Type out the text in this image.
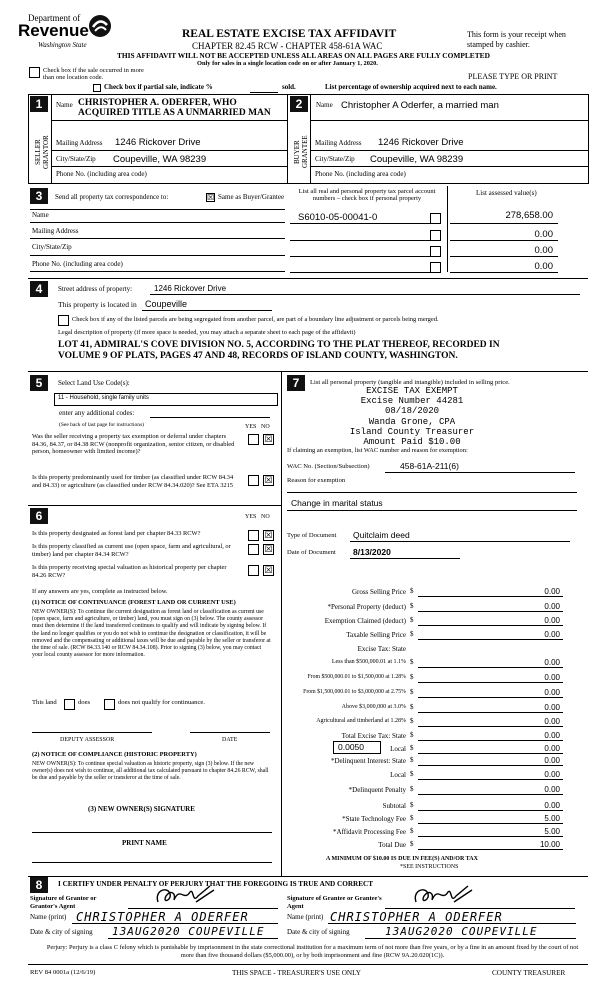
Department of
Revenue
Washington State
REAL ESTATE EXCISE TAX AFFIDAVIT
CHAPTER 82.45 RCW - CHAPTER 458-61A WAC
THIS AFFIDAVIT WILL NOT BE ACCEPTED UNLESS ALL AREAS ON ALL PAGES ARE FULLY COMPLETED
Only for sales in a single location code on or after January 1, 2020.
This form is your receipt when stamped by cashier.
PLEASE TYPE OR PRINT
Check box if the sale occurred in more than one location code.
Check box if partial sale, indicate %	sold.	List percentage of ownership acquired next to each name.
1
SELLER GRANTOR
Name CHRISTOPHER A. ODERFER, WHO ACQUIRED TITLE AS A UNMARRIED MAN
Mailing Address 1246 Rickover Drive
City/State/Zip Coupeville, WA 98239
Phone No. (including area code)
2
BUYER GRANTEE
Name Christopher A Oderfer, a married man
Mailing Address 1246 Rickover Drive
City/State/Zip Coupeville, WA 98239
Phone No. (including area code)
3	Send all property tax correspondence to:	☒ Same as Buyer/Grantee
Name
Mailing Address
City/State/Zip
Phone No. (including area code)
List all real and personal property tax parcel account numbers – check box if personal property
List assessed value(s)
S6010-05-00041-0	278,658.00
0.00
0.00
0.00
4	Street address of property:	1246 Rickover Drive
This property is located in Coupeville
Check box if any of the listed parcels are being segregated from another parcel, are part of a boundary line adjustment or parcels being merged.
Legal description of property (if more space is needed, you may attach a separate sheet to each page of the affidavit)
LOT 41, ADMIRAL'S COVE DIVISION NO. 5, ACCORDING TO THE PLAT THEREOF, RECORDED IN VOLUME 9 OF PLATS, PAGES 47 AND 48, RECORDS OF ISLAND COUNTY, WASHINGTON.
5	Select Land Use Code(s):
11 - Household, single family units
enter any additional codes:
(See back of last page for instructions)	YES NO
Was the seller receiving a property tax exemption or deferral under chapters 84.36, 84.37, or 84.38 RCW (nonprofit organization, senior citizen, or disabled person, homeowner with limited income)?
☒
Is this property predominantly used for timber (as classified under RCW 84.34 and 84.33) or agriculture (as classified under RCW 84.34.020)? See ETA 3215	☒
6	YES NO
Is this property designated as forest land per chapter 84.33 RCW?	☒
Is this property classified as current use (open space, farm and agricultural, or timber) land per chapter 84.34 RCW?	☒
Is this property receiving special valuation as historical property per chapter 84.26 RCW?	☒
If any answers are yes, complete as instructed below.
(1) NOTICE OF CONTINUANCE (FOREST LAND OR CURRENT USE)
NEW OWNER(S): To continue the current designation as forest land or classification as current use (open space, farm and agriculture, or timber) land, you must sign on (3) below. The county assessor must then determine if the land transferred continues to qualify and will indicate by signing below. If the land no longer qualifies or you do not wish to continue the designation or classification, it will be removed and the compensating or additional taxes will be due and payable by the seller or transferor at the time of sale. (RCW 84.33.140 or RCW 84.34.108). Prior to signing (3) below, you may contact your local county assessor for more information.
This land	does	does not qualify for continuance.
DEPUTY ASSESSOR	DATE
(2) NOTICE OF COMPLIANCE (HISTORIC PROPERTY)
NEW OWNER(S): To continue special valuation as historic property, sign (3) below. If the new owner(s) does not wish to continue, all additional tax calculated pursuant to chapter 84.26 RCW, shall be due and payable by the seller or transferor at the time of sale.
(3) NEW OWNER(S) SIGNATURE
PRINT NAME
7	List all personal property (tangible and intangible) included in selling price.
EXCISE TAX EXEMPT
Excise Number 44281
08/18/2020
Wanda Grone, CPA
Island County Treasurer
Amount Paid $10.00
If claiming an exemption, list WAC number and reason for exemption:
WAC No. (Section/Subsection)	458-61A-211(6)
Reason for exemption
Change in marital status
Type of Document Quitclaim deed
Date of Document 8/13/2020
Gross Selling Price $	0.00
*Personal Property (deduct) $	0.00
Exemption Claimed (deduct) $	0.00
Taxable Selling Price $	0.00
Excise Tax: State
Less than $500,000.01 at 1.1% $	0.00
From $500,000.01 to $1,500,000 at 1.28% $	0.00
From $1,500,000.01 to $3,000,000 at 2.75% $	0.00
Above $3,000,000 at 3.0% $	0.00
Agricultural and timberland at 1.28% $	0.00
Total Excise Tax: State $	0.00
0.0050	Local $	0.00
*Delinquent Interest: State $	0.00
Local $	0.00
*Delinquent Penalty $	0.00
Subtotal $	0.00
*State Technology Fee $	5.00
*Affidavit Processing Fee $	5.00
Total Due $	10.00
A MINIMUM OF $10.00 IS DUE IN FEE(S) AND/OR TAX
*SEE INSTRUCTIONS
8	I CERTIFY UNDER PENALTY OF PERJURY THAT THE FOREGOING IS TRUE AND CORRECT
Signature of Grantor or Grantor's Agent
Signature of Grantee or Grantee's Agent
Name (print) CHRISTOPHER A ODERFER	Name (print) CHRISTOPHER A ODERFER
Date & city of signing 13AUG2020 COUPEVILLE	Date & city of signing	13AUG2020 COUPEVILLE
Perjury: Perjury is a class C felony which is punishable by imprisonment in the state correctional institution for a maximum term of not more than five years, or by a fine in an amount fixed by the court of not more than five thousand dollars ($5,000.00), or by both imprisonment and fine (RCW 9A.20.020(1C)).
REV 84 0001a (12/6/19)	THIS SPACE - TREASURER'S USE ONLY	COUNTY TREASURER
